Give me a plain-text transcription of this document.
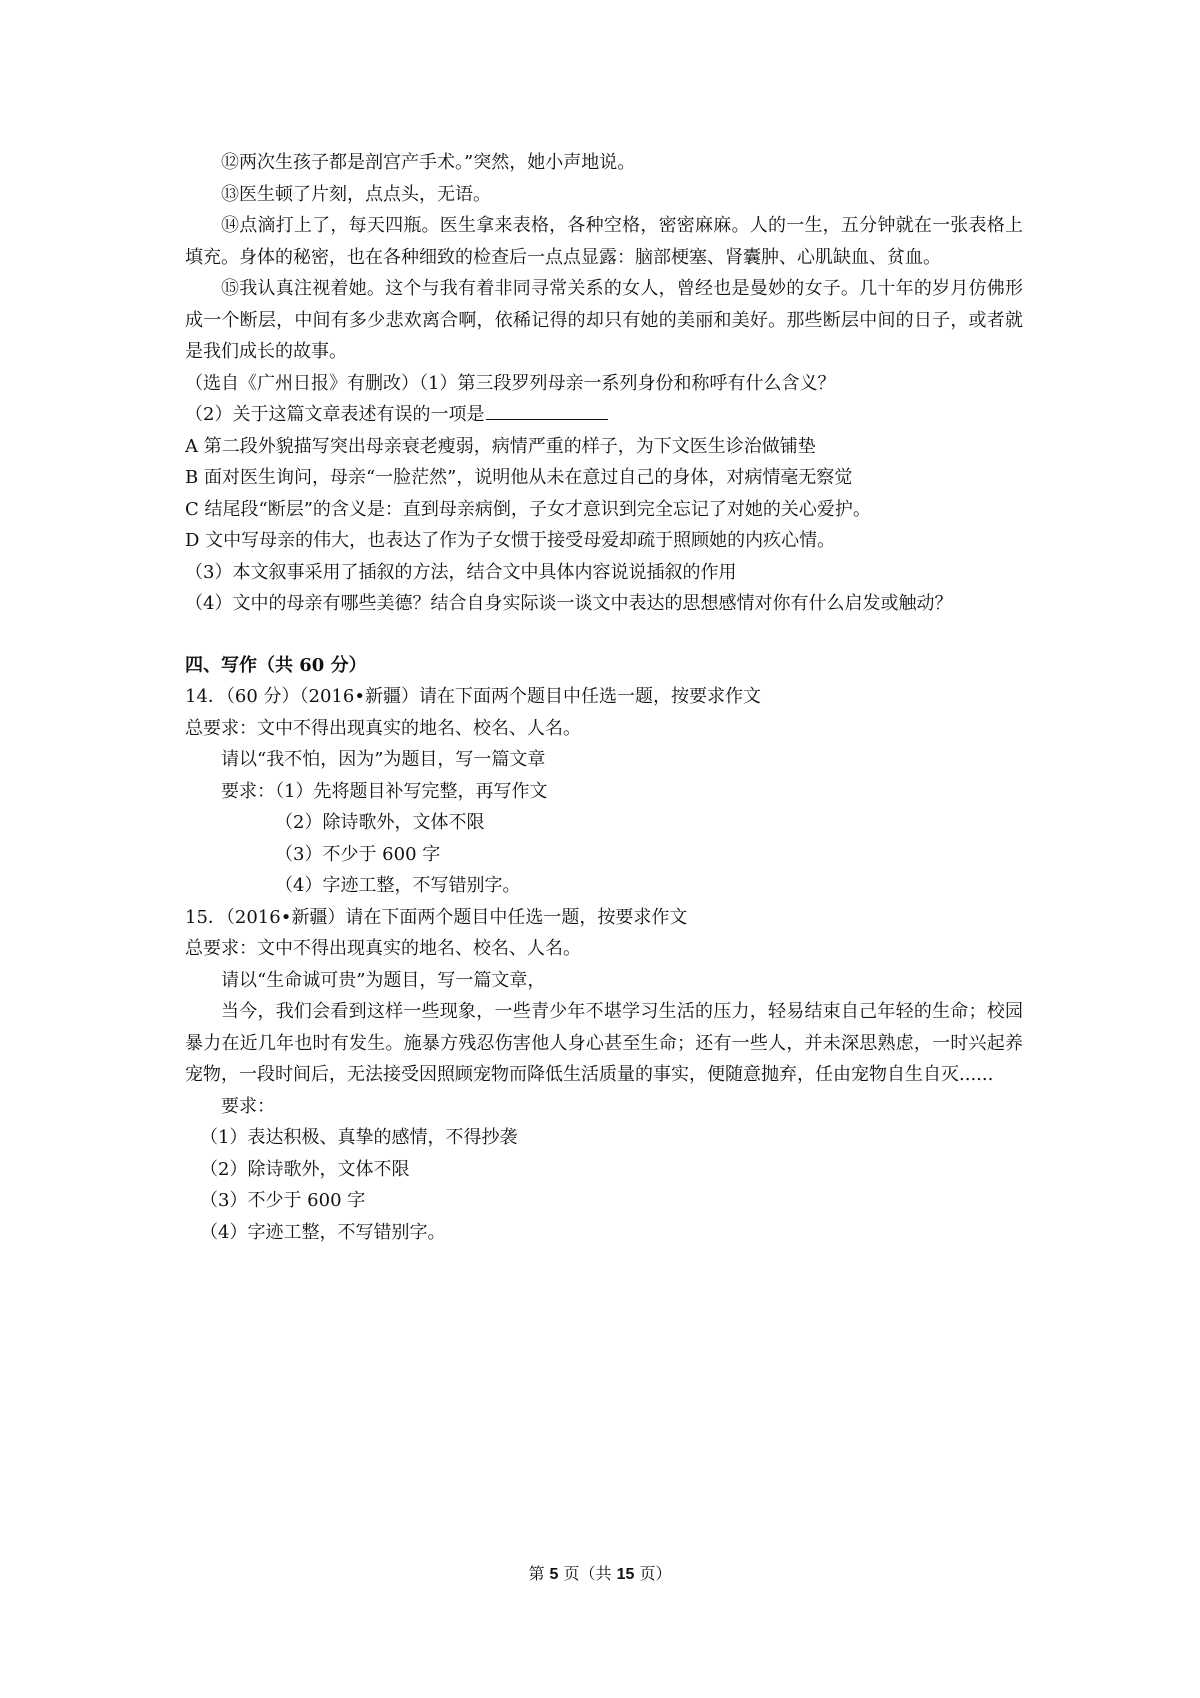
⑫两次生孩子都是剖宫产手术。”突然，她小声地说。

⑬医生顿了片刻，点点头，无语。

⑭点滴打上了，每天四瓶。医生拿来表格，各种空格，密密麻麻。人的一生，五分钟就在一张表格上填充。身体的秘密，也在各种细致的检查后一点点显露：脑部梗塞、肾囊肿、心肌缺血、贫血。

⑮我认真注视着她。这个与我有着非同寻常关系的女人，曾经也是曼妙的女子。几十年的岁月仿佛形成一个断层，中间有多少悲欢离合啊，依稀记得的却只有她的美丽和美好。那些断层中间的日子，或者就是我们成长的故事。

（选自《广州日报》有删改）（1）第三段罗列母亲一系列身份和称呼有什么含义？

（2）关于这篇文章表述有误的一项是

A 第二段外貌描写突出母亲衰老瘦弱，病情严重的样子，为下文医生诊治做铺垫

B 面对医生询问，母亲“一脸茫然”，说明他从未在意过自己的身体，对病情毫无察觉

C 结尾段“断层”的含义是：直到母亲病倒，子女才意识到完全忘记了对她的关心爱护。

D 文中写母亲的伟大，也表达了作为子女惯于接受母爱却疏于照顾她的内疚心情。

（3）本文叙事采用了插叙的方法，结合文中具体内容说说插叙的作用

（4）文中的母亲有哪些美德？结合自身实际谈一谈文中表达的思想感情对你有什么启发或触动？

四、写作（共 60 分）

14．（60 分）（2016•新疆）请在下面两个题目中任选一题，按要求作文

总要求：文中不得出现真实的地名、校名、人名。

请以“我不怕，因为”为题目，写一篇文章

要求：（1）先将题目补写完整，再写作文

（2）除诗歌外，文体不限

（3）不少于 600 字

（4）字迹工整，不写错别字。

15．（2016•新疆）请在下面两个题目中任选一题，按要求作文

总要求：文中不得出现真实的地名、校名、人名。

请以“生命诚可贵”为题目，写一篇文章，

当今，我们会看到这样一些现象，一些青少年不堪学习生活的压力，轻易结束自己年轻的生命；校园暴力在近几年也时有发生。施暴方残忍伤害他人身心甚至生命；还有一些人，并未深思熟虑，一时兴起养宠物，一段时间后，无法接受因照顾宠物而降低生活质量的事实，便随意抛弃，任由宠物自生自灭......

要求：

（1）表达积极、真挚的感情，不得抄袭

（2）除诗歌外，文体不限

（3）不少于 600 字

（4）字迹工整，不写错别字。

第 5 页（共 15 页）
